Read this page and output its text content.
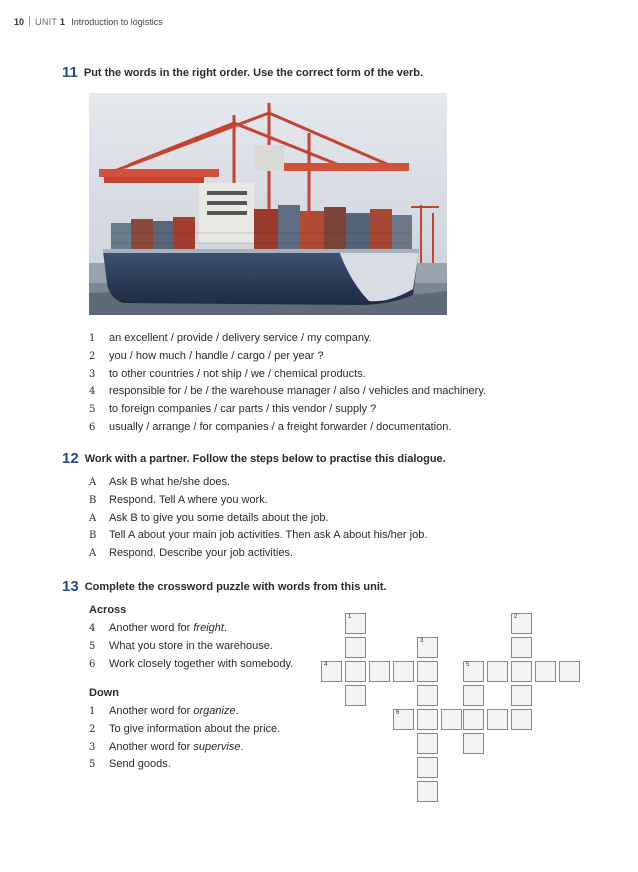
10 UNIT 1 Introduction to logistics
11 Put the words in the right order. Use the correct form of the verb.
1 an excellent / provide / delivery service / my company.
2 you / how much / handle / cargo / per year ?
3 to other countries / not ship / we / chemical products.
4 responsible for / be / the warehouse manager / also / vehicles and machinery.
5 to foreign companies / car parts / this vendor / supply ?
6 usually / arrange / for companies / a freight forwarder / documentation.
12 Work with a partner. Follow the steps below to practise this dialogue.
A Ask B what he/she does.
B Respond. Tell A where you work.
A Ask B to give you some details about the job.
B Tell A about your main job activities. Then ask A about his/her job.
A Respond. Describe your job activities.
13 Complete the crossword puzzle with words from this unit.
Across
4 Another word for freight.
5 What you store in the warehouse.
6 Work closely together with somebody.
Down
1 Another word for organize.
2 To give information about the price.
3 Another word for supervise.
5 Send goods.
1
3
2
4	5
6
